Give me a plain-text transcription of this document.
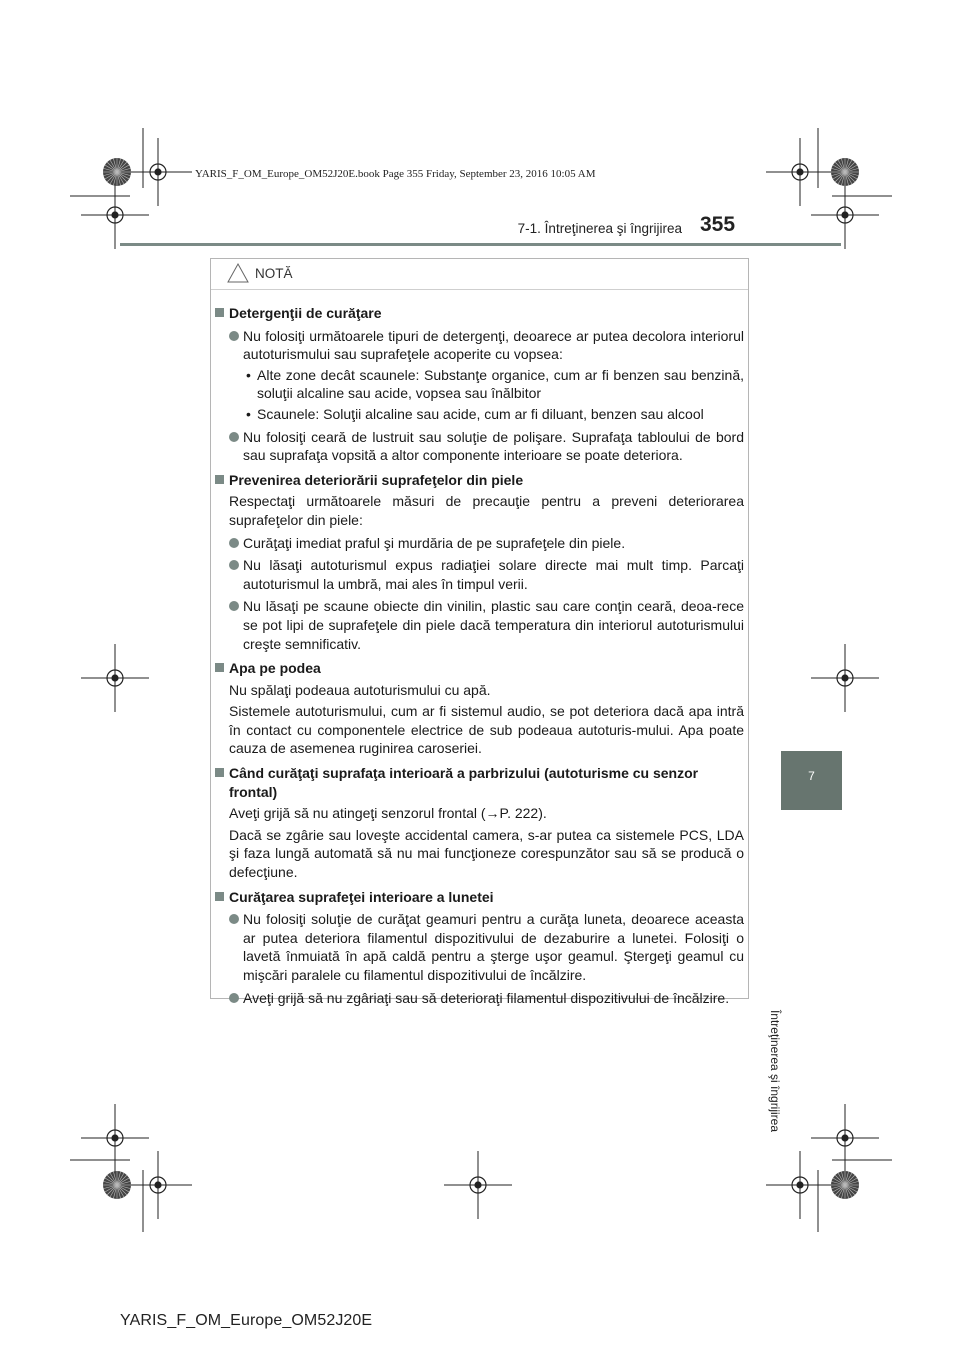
YARIS_F_OM_Europe_OM52J20E.book Page 355 Friday, September 23, 2016 10:05 AM
7-1. Întreţinerea şi îngrijirea 355
7
Întreţinerea şi îngrijirea
NOTĂ
Detergenţii de curăţare
Nu folosiţi următoarele tipuri de detergenţi, deoarece ar putea decolora interiorul autoturismului sau suprafeţele acoperite cu vopsea:
• Alte zone decât scaunele: Substanţe organice, cum ar fi benzen sau benzină, soluţii alcaline sau acide, vopsea sau înălbitor
• Scaunele: Soluţii alcaline sau acide, cum ar fi diluant, benzen sau alcool
Nu folosiţi ceară de lustruit sau soluţie de polişare. Suprafaţa tabloului de bord sau suprafaţa vopsită a altor componente interioare se poate deteriora.
Prevenirea deteriorării suprafeţelor din piele
Respectaţi următoarele măsuri de precauţie pentru a preveni deteriorarea suprafeţelor din piele:
Curăţaţi imediat praful şi murdăria de pe suprafeţele din piele.
Nu lăsaţi autoturismul expus radiaţiei solare directe mai mult timp. Parcaţi autoturismul la umbră, mai ales în timpul verii.
Nu lăsaţi pe scaune obiecte din vinilin, plastic sau care conţin ceară, deoa-rece se pot lipi de suprafeţele din piele dacă temperatura din interiorul autoturismului creşte semnificativ.
Apa pe podea
Nu spălaţi podeaua autoturismului cu apă.
Sistemele autoturismului, cum ar fi sistemul audio, se pot deteriora dacă apa intră în contact cu componentele electrice de sub podeaua autoturis-mului. Apa poate cauza de asemenea ruginirea caroseriei.
Când curăţaţi suprafaţa interioară a parbrizului (autoturisme cu senzor frontal)
Aveţi grijă să nu atingeţi senzorul frontal (→P. 222).
Dacă se zgârie sau loveşte accidental camera, s-ar putea ca sistemele PCS, LDA şi faza lungă automată să nu mai funcţioneze corespunzător sau să se producă o defecţiune.
Curăţarea suprafeţei interioare a lunetei
Nu folosiţi soluţie de curăţat geamuri pentru a curăţa luneta, deoarece aceasta ar putea deteriora filamentul dispozitivului de dezaburire a lunetei. Folosiţi o lavetă înmuiată în apă caldă pentru a şterge uşor geamul. Ştergeţi geamul cu mişcări paralele cu filamentul dispozitivului de încălzire.
Aveţi grijă să nu zgâriaţi sau să deterioraţi filamentul dispozitivului de încălzire.
YARIS_F_OM_Europe_OM52J20E
